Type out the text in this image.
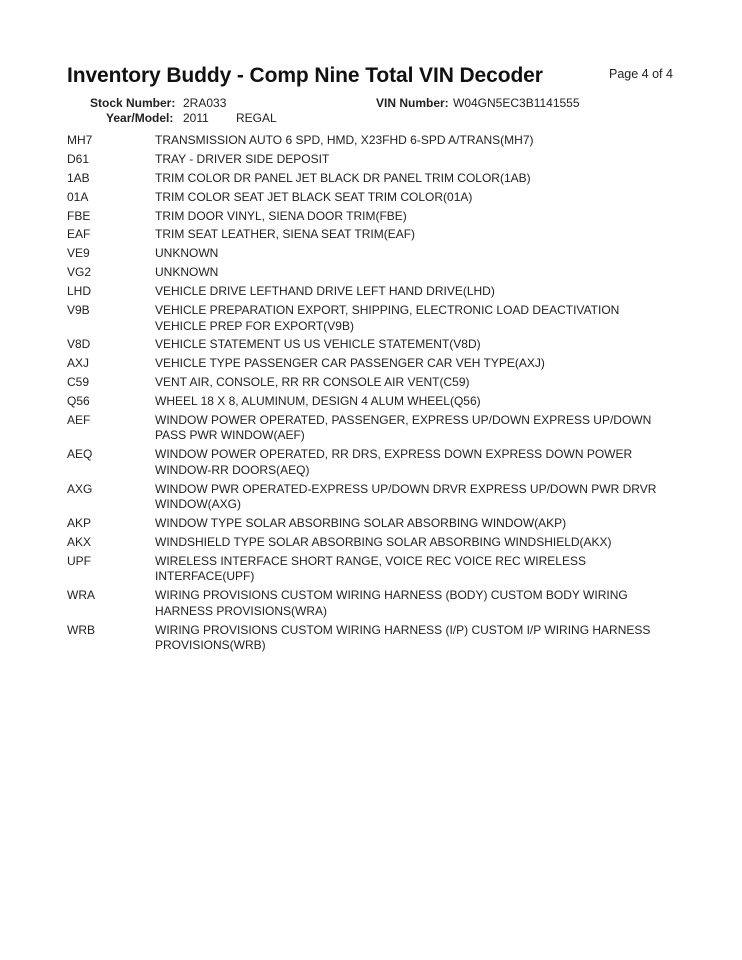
Inventory Buddy - Comp Nine Total VIN Decoder	Page 4 of 4
Stock Number: 2RA033	VIN Number: W04GN5EC3B1141555
Year/Model: 2011 REGAL
MH7	TRANSMISSION AUTO 6 SPD, HMD, X23FHD 6-SPD A/TRANS(MH7)
D61	TRAY - DRIVER SIDE DEPOSIT
1AB	TRIM COLOR DR PANEL JET BLACK DR PANEL TRIM COLOR(1AB)
01A	TRIM COLOR SEAT JET BLACK SEAT TRIM COLOR(01A)
FBE	TRIM DOOR VINYL, SIENA DOOR TRIM(FBE)
EAF	TRIM SEAT LEATHER, SIENA SEAT TRIM(EAF)
VE9	UNKNOWN
VG2	UNKNOWN
LHD	VEHICLE DRIVE LEFTHAND DRIVE LEFT HAND DRIVE(LHD)
V9B	VEHICLE PREPARATION EXPORT, SHIPPING, ELECTRONIC LOAD DEACTIVATION VEHICLE PREP FOR EXPORT(V9B)
V8D	VEHICLE STATEMENT US US VEHICLE STATEMENT(V8D)
AXJ	VEHICLE TYPE PASSENGER CAR PASSENGER CAR VEH TYPE(AXJ)
C59	VENT AIR, CONSOLE, RR RR CONSOLE AIR VENT(C59)
Q56	WHEEL 18 X 8, ALUMINUM, DESIGN 4 ALUM WHEEL(Q56)
AEF	WINDOW POWER OPERATED, PASSENGER, EXPRESS UP/DOWN EXPRESS UP/DOWN PASS PWR WINDOW(AEF)
AEQ	WINDOW POWER OPERATED, RR DRS, EXPRESS DOWN EXPRESS DOWN POWER WINDOW-RR DOORS(AEQ)
AXG	WINDOW PWR OPERATED-EXPRESS UP/DOWN DRVR EXPRESS UP/DOWN PWR DRVR WINDOW(AXG)
AKP	WINDOW TYPE SOLAR ABSORBING SOLAR ABSORBING WINDOW(AKP)
AKX	WINDSHIELD TYPE SOLAR ABSORBING SOLAR ABSORBING WINDSHIELD(AKX)
UPF	WIRELESS INTERFACE SHORT RANGE, VOICE REC VOICE REC WIRELESS INTERFACE(UPF)
WRA	WIRING PROVISIONS CUSTOM WIRING HARNESS (BODY) CUSTOM BODY WIRING HARNESS PROVISIONS(WRA)
WRB	WIRING PROVISIONS CUSTOM WIRING HARNESS (I/P) CUSTOM I/P WIRING HARNESS PROVISIONS(WRB)
